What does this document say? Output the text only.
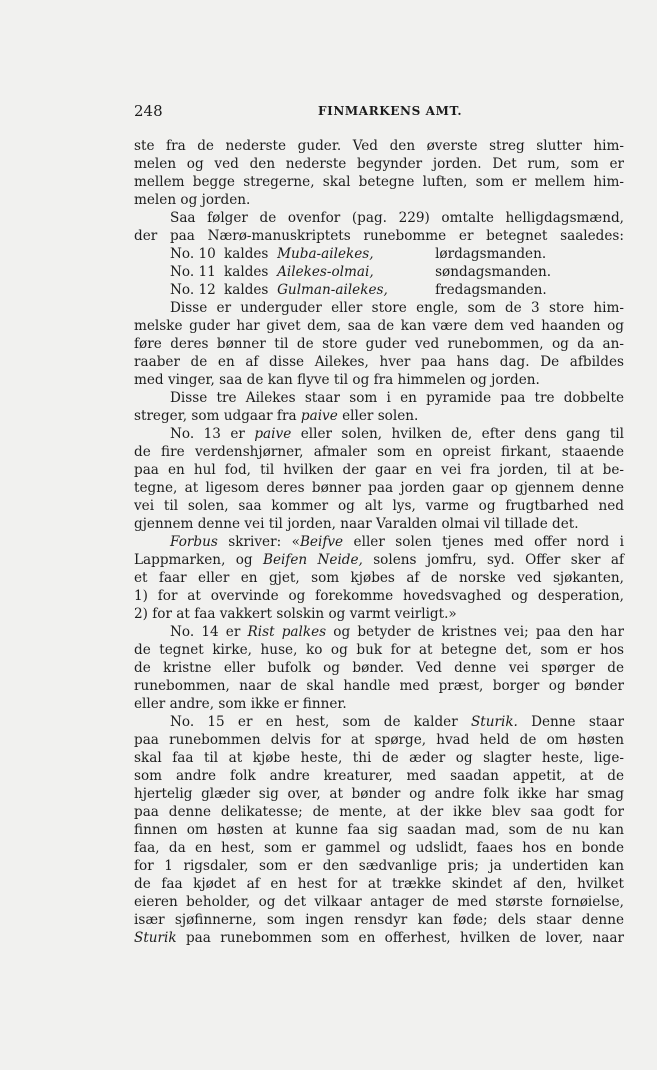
248	FINMARKENS AMT.
ste fra de nederste guder. Ved den øverste streg slutter him-
melen og ved den nederste begynder jorden. Det rum, som er
mellem begge stregerne, skal betegne luften, som er mellem him-
melen og jorden.
Saa følger de ovenfor (pag. 229) omtalte helligdagsmænd,
der paa Nærø-manuskriptets runebomme er betegnet saaledes:
No. 10 kaldes Muba-ailekes,	lørdagsmanden.
No. 11 kaldes Ailekes-olmai,	søndagsmanden.
No. 12 kaldes Gulman-ailekes,	fredagsmanden.
Disse er underguder eller store engle, som de 3 store him-
melske guder har givet dem, saa de kan være dem ved haanden og
føre deres bønner til de store guder ved runebommen, og da an-
raaber de en af disse Ailekes, hver paa hans dag. De afbildes
med vinger, saa de kan flyve til og fra himmelen og jorden.
Disse tre Ailekes staar som i en pyramide paa tre dobbelte
streger, som udgaar fra paive eller solen.
No. 13 er paive eller solen, hvilken de, efter dens gang til
de fire verdenshjørner, afmaler som en opreist firkant, staaende
paa en hul fod, til hvilken der gaar en vei fra jorden, til at be-
tegne, at ligesom deres bønner paa jorden gaar op gjennem denne
vei til solen, saa kommer og alt lys, varme og frugtbarhed ned
gjennem denne vei til jorden, naar Varalden olmai vil tillade det.
Forbus skriver: «Beifve eller solen tjenes med offer nord i
Lappmarken, og Beifen Neide, solens jomfru, syd. Offer sker af
et faar eller en gjet, som kjøbes af de norske ved sjøkanten,
1) for at overvinde og forekomme hovedsvaghed og desperation,
2) for at faa vakkert solskin og varmt veirligt.»
No. 14 er Rist palkes og betyder de kristnes vei; paa den har
de tegnet kirke, huse, ko og buk for at betegne det, som er hos
de kristne eller bufolk og bønder. Ved denne vei spørger de
runebommen, naar de skal handle med præst, borger og bønder
eller andre, som ikke er finner.
No. 15 er en hest, som de kalder Sturik. Denne staar
paa runebommen delvis for at spørge, hvad held de om høsten
skal faa til at kjøbe heste, thi de æder og slagter heste, lige-
som andre folk andre kreaturer, med saadan appetit, at de
hjertelig glæder sig over, at bønder og andre folk ikke har smag
paa denne delikatesse; de mente, at der ikke blev saa godt for
finnen om høsten at kunne faa sig saadan mad, som de nu kan
faa, da en hest, som er gammel og udslidt, faaes hos en bonde
for 1 rigsdaler, som er den sædvanlige pris; ja undertiden kan
de faa kjødet af en hest for at trække skindet af den, hvilket
eieren beholder, og det vilkaar antager de med største fornøielse,
især sjøfinnerne, som ingen rensdyr kan føde; dels staar denne
Sturik paa runebommen som en offerhest, hvilken de lover, naar
